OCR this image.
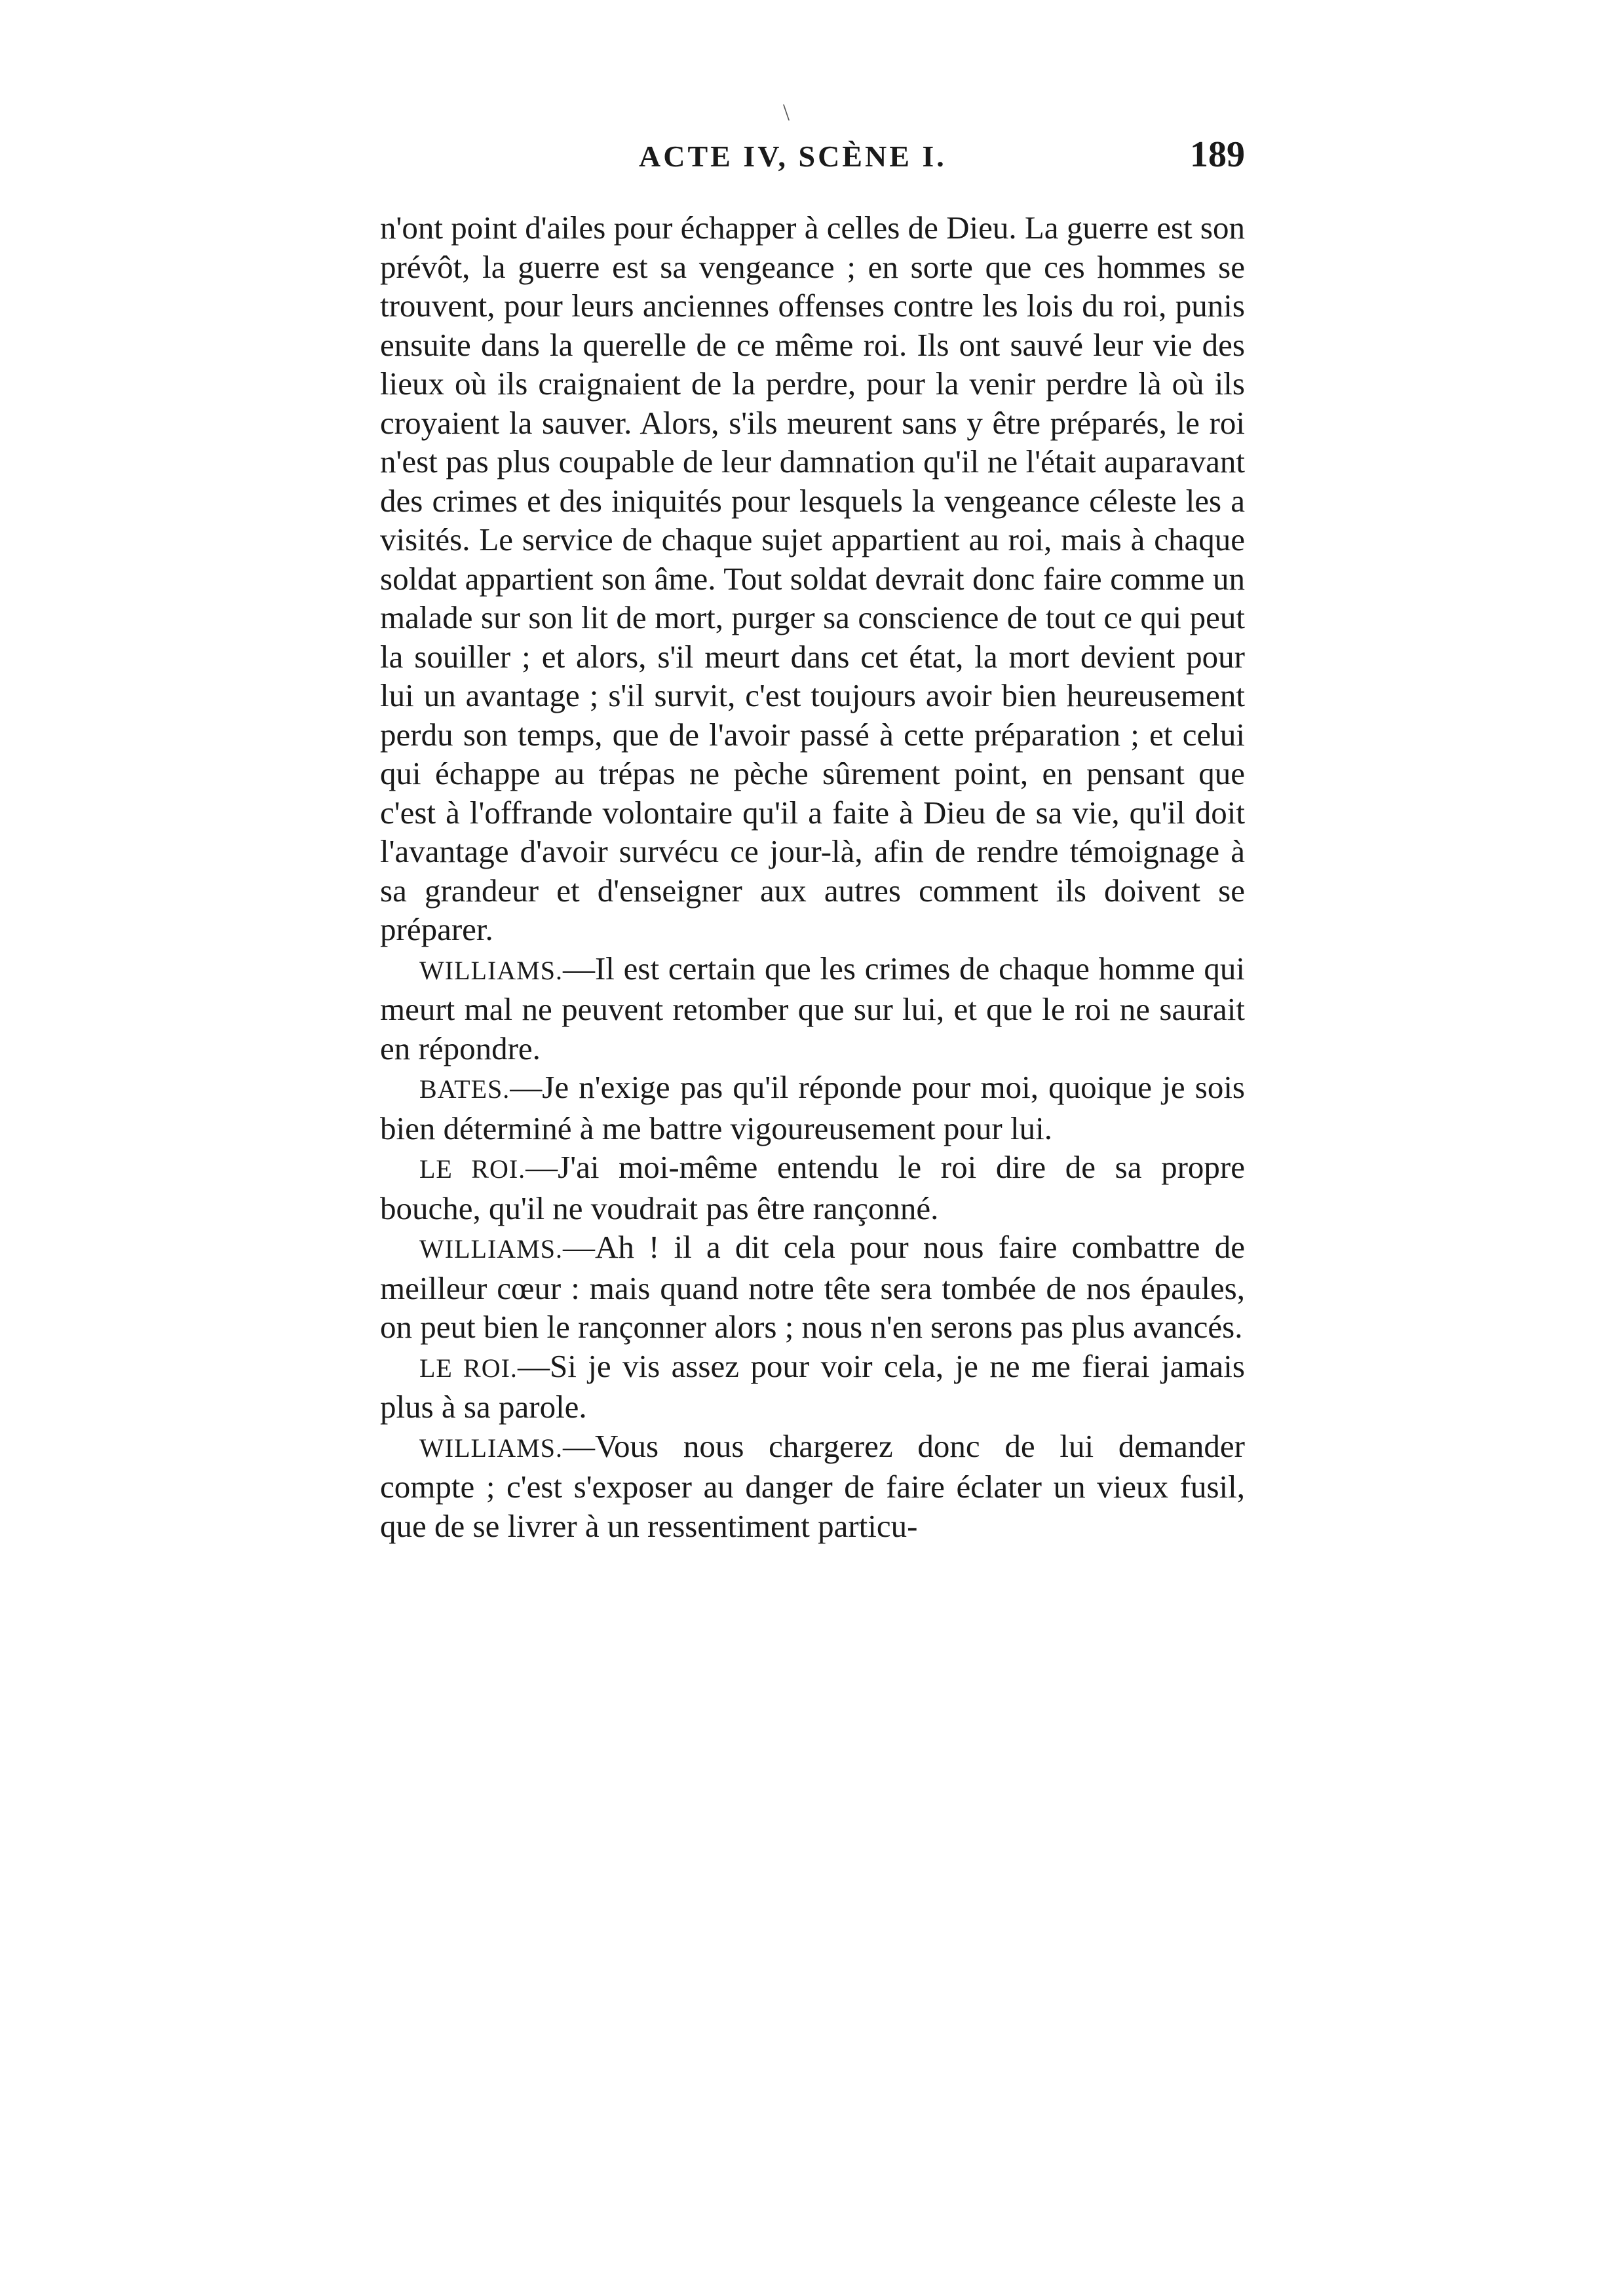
\
ACTE IV, SCÈNE I.	189

n'ont point d'ailes pour échapper à celles de Dieu. La guerre est son prévôt, la guerre est sa vengeance ; en sorte que ces hommes se trouvent, pour leurs anciennes offenses contre les lois du roi, punis ensuite dans la querelle de ce même roi. Ils ont sauvé leur vie des lieux où ils craignaient de la perdre, pour la venir perdre là où ils croyaient la sauver. Alors, s'ils meurent sans y être préparés, le roi n'est pas plus coupable de leur damnation qu'il ne l'était auparavant des crimes et des iniquités pour lesquels la vengeance céleste les a visités. Le service de chaque sujet appartient au roi, mais à chaque soldat appartient son âme. Tout soldat devrait donc faire comme un malade sur son lit de mort, purger sa conscience de tout ce qui peut la souiller ; et alors, s'il meurt dans cet état, la mort devient pour lui un avantage ; s'il survit, c'est toujours avoir bien heureusement perdu son temps, que de l'avoir passé à cette préparation ; et celui qui échappe au trépas ne pèche sûrement point, en pensant que c'est à l'offrande volontaire qu'il a faite à Dieu de sa vie, qu'il doit l'avantage d'avoir survécu ce jour-là, afin de rendre témoignage à sa grandeur et d'enseigner aux autres comment ils doivent se préparer.

WILLIAMS.—Il est certain que les crimes de chaque homme qui meurt mal ne peuvent retomber que sur lui, et que le roi ne saurait en répondre.

BATES.—Je n'exige pas qu'il réponde pour moi, quoique je sois bien déterminé à me battre vigoureusement pour lui.

LE ROI.—J'ai moi-même entendu le roi dire de sa propre bouche, qu'il ne voudrait pas être rançonné.

WILLIAMS.—Ah ! il a dit cela pour nous faire combattre de meilleur cœur : mais quand notre tête sera tombée de nos épaules, on peut bien le rançonner alors ; nous n'en serons pas plus avancés.

LE ROI.—Si je vis assez pour voir cela, je ne me fierai jamais plus à sa parole.

WILLIAMS.—Vous nous chargerez donc de lui demander compte ; c'est s'exposer au danger de faire éclater un vieux fusil, que de se livrer à un ressentiment particu-
